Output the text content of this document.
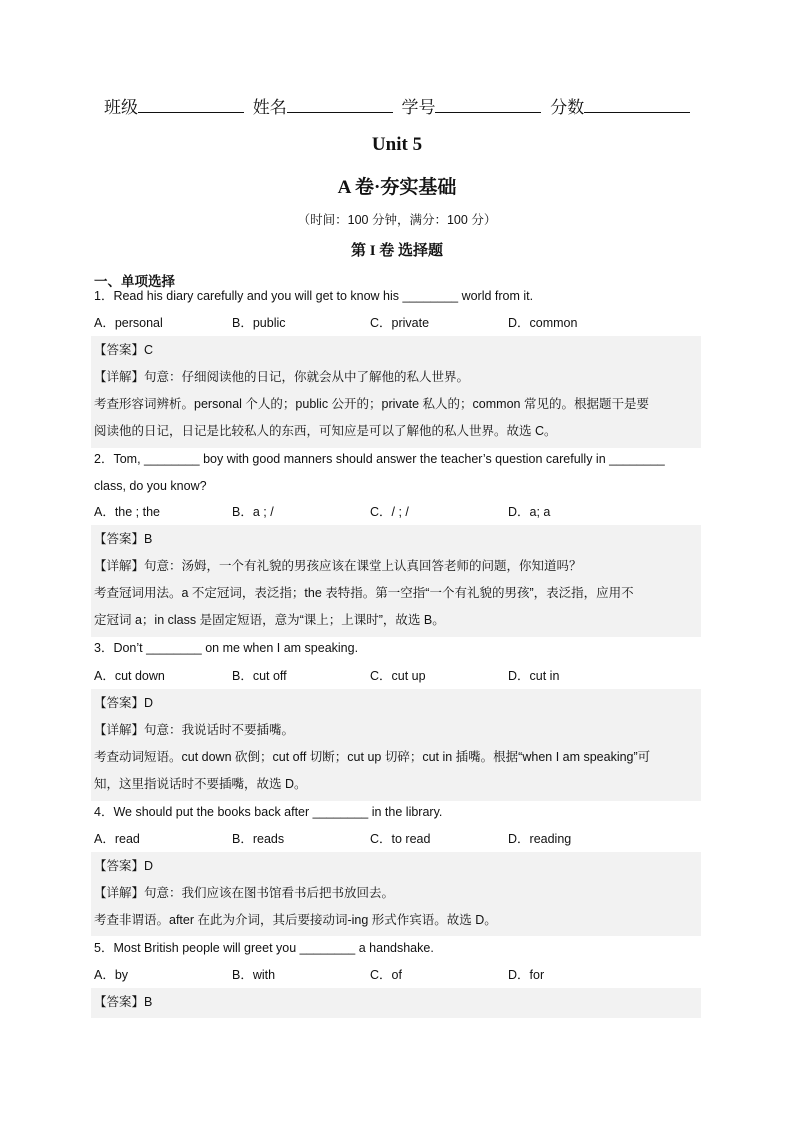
班级	姓名	学号	分数
Unit 5
A 卷·夯实基础
（时间：100 分钟，满分：100 分）
第 I 卷 选择题
一、单项选择
1．Read his diary carefully and you will get to know his ________ world from it.
A．personal	B．public	C．private	D．common
【答案】C
【详解】句意：仔细阅读他的日记，你就会从中了解他的私人世界。
考查形容词辨析。personal 个人的；public 公开的；private 私人的；common 常见的。根据题干是要
阅读他的日记，日记是比较私人的东西，可知应是可以了解他的私人世界。故选 C。
2．Tom, ________ boy with good manners should answer the teacher’s question carefully in ________
class, do you know?
A．the ; the	B．a ; /	C．/ ; /	D．a; a
【答案】B
【详解】句意：汤姆，一个有礼貌的男孩应该在课堂上认真回答老师的问题，你知道吗？
考查冠词用法。a 不定冠词，表泛指；the 表特指。第一空指“一个有礼貌的男孩”，表泛指，应用不
定冠词 a；in class 是固定短语，意为“课上；上课时”，故选 B。
3．Don’t ________ on me when I am speaking.
A．cut down	B．cut off	C．cut up	D．cut in
【答案】D
【详解】句意：我说话时不要插嘴。
考查动词短语。cut down 砍倒；cut off 切断；cut up 切碎；cut in 插嘴。根据“when I am speaking”可
知，这里指说话时不要插嘴，故选 D。
4．We should put the books back after ________ in the library.
A．read	B．reads	C．to read	D．reading
【答案】D
【详解】句意：我们应该在图书馆看书后把书放回去。
考查非谓语。after 在此为介词，其后要接动词-ing 形式作宾语。故选 D。
5．Most British people will greet you ________ a handshake.
A．by	B．with	C．of	D．for
【答案】B
